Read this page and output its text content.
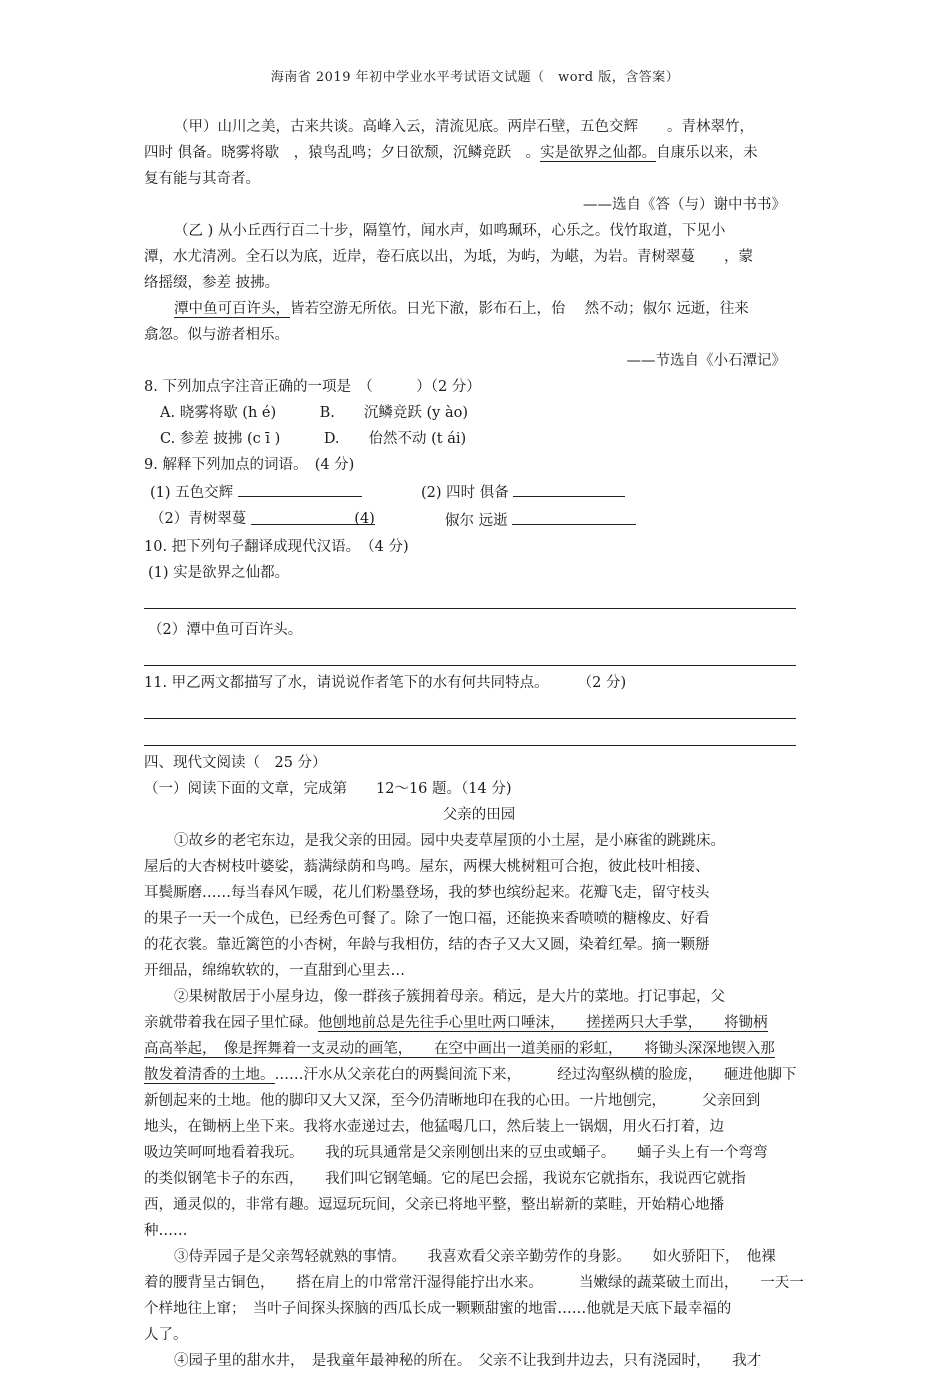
海南省 2019 年初中学业水平考试语文试题（　word 版，含答案）

（甲）山川之美，古来共谈。高峰入云，清流见底。两岸石壁，五色交辉　　。青林翠竹，

四时 俱备。晓雾将歇　，猿鸟乱鸣；夕日欲颓，沉鳞竞跃　。实是欲界之仙都。自康乐以来，未

复有能与其奇者。

——选自《答（与）谢中书书》

（乙 ) 从小丘西行百二十步，隔篁竹，闻水声，如鸣珮环，心乐之。伐竹取道，下见小

潭，水尤清冽。全石以为底，近岸，卷石底以出，为坻，为屿，为嵁，为岩。青树翠蔓　　，蒙

络摇缀，参差 披拂。

潭中鱼可百许头，皆若空游无所依。日光下澈，影布石上，佁　 然不动；俶尔 远逝，往来

翕忽。似与游者相乐。

——节选自《小石潭记》

8. 下列加点字注音正确的一项是　（　　　）（2 分）

A. 晓雾将歇 (h é)　　　	B.　　沉鳞竞跃 (y ào)

C. 参差 披拂 (c ī )　　　	D.　　佁然不动 (t ái)

9. 解释下列加点的词语。　(4 分)

(1) 五色交辉	(2) 四时 俱备
（2）青树翠蔓	(4)	俶尔 远逝

10. 把下列句子翻译成现代汉语。　（4 分)

(1) 实是欲界之仙都。

（2）潭中鱼可百许头。

11. 甲乙两文都描写了水，请说说作者笔下的水有何共同特点。　　　（2 分)

四、现代文阅读（　25 分）

（一）阅读下面的文章，完成第　　12～16 题。（14 分)

父亲的田园

①故乡的老宅东边，是我父亲的田园。园中央麦草屋顶的小土屋，是小麻雀的跳跳床。

屋后的大杏树枝叶婆娑，蓊满绿荫和鸟鸣。屋东，两棵大桃树粗可合抱，彼此枝叶相接、

耳鬓厮磨……每当春风乍暖，花儿们粉墨登场，我的梦也缤纷起来。花瓣飞走，留守枝头

的果子一天一个成色，已经秀色可餐了。除了一饱口福，还能换来香喷喷的糖橡皮、好看

的花衣裳。靠近篱笆的小杏树，年龄与我相仿，结的杏子又大又圆，染着红晕。摘一颗掰

开细品，绵绵软软的，一直甜到心里去…

②果树散居于小屋身边，像一群孩子簇拥着母亲。稍远，是大片的菜地。打记事起，父

亲就带着我在园子里忙碌。他刨地前总是先往手心里吐两口唾沫，　　搓搓两只大手掌，　　将锄柄

高高举起，　像是挥舞着一支灵动的画笔，　　在空中画出一道美丽的彩虹，　　将锄头深深地锲入那

散发着清香的土地。……汗水从父亲花白的两鬓间流下来，　　　经过沟壑纵横的脸庞，　　砸进他脚下

新刨起来的土地。他的脚印又大又深，至今仍清晰地印在我的心田。一片地刨完，　　　父亲回到

地头，在锄柄上坐下来。我将水壶递过去，他猛喝几口，然后装上一锅烟，用火石打着，边

吸边笑呵呵地看着我玩。　　我的玩具通常是父亲刚刨出来的豆虫或蛹子。　　蛹子头上有一个弯弯

的类似钢笔卡子的东西，　　我们叫它钢笔蛹。它的尾巴会摇，我说东它就指东，我说西它就指

西，通灵似的，非常有趣。逗逗玩玩间，父亲已将地平整，整出崭新的菜畦，开始精心地播

种……

③侍弄园子是父亲驾轻就熟的事情。　　我喜欢看父亲辛勤劳作的身影。　　如火骄阳下，　他裸

着的腰背呈古铜色，　　搭在肩上的巾常常汗湿得能拧出水来。　　　当嫩绿的蔬菜破土而出，　　一天一

个样地往上窜；　当叶子间探头探脑的西瓜长成一颗颗甜蜜的地雷……他就是天底下最幸福的

人了。

④园子里的甜水井，　是我童年最神秘的所在。　父亲不让我到井边去，只有浇园时，　　我才
